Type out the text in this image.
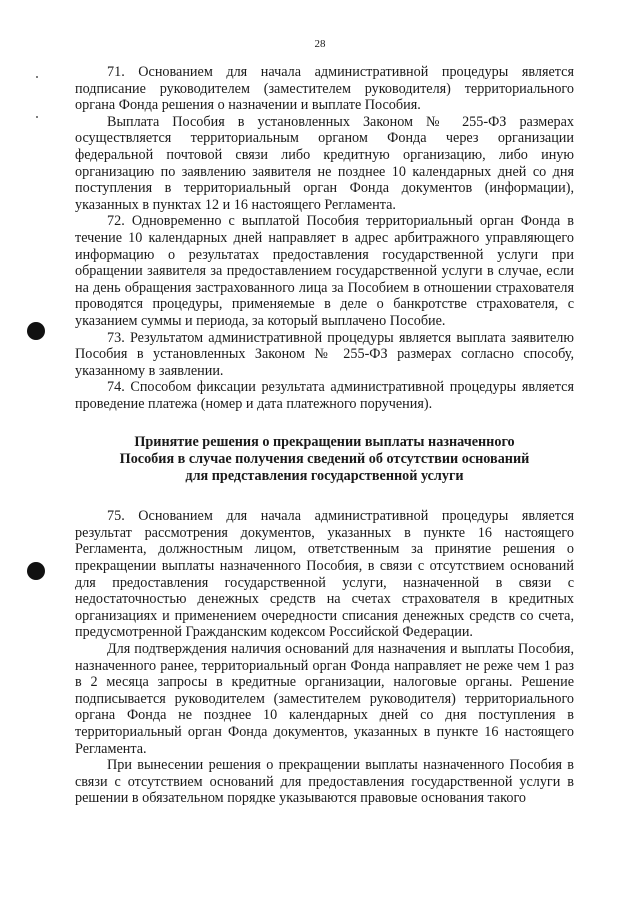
28

71. Основанием для начала административной процедуры является подписание руководителем (заместителем руководителя) территориального органа Фонда решения о назначении и выплате Пособия.

Выплата Пособия в установленных Законом № 255-ФЗ размерах осуществляется территориальным органом Фонда через организации федеральной почтовой связи либо кредитную организацию, либо иную организацию по заявлению заявителя не позднее 10 календарных дней со дня поступления в территориальный орган Фонда документов (информации), указанных в пунктах 12 и 16 настоящего Регламента.

72. Одновременно с выплатой Пособия территориальный орган Фонда в течение 10 календарных дней направляет в адрес арбитражного управляющего информацию о результатах предоставления государственной услуги при обращении заявителя за предоставлением государственной услуги в случае, если на день обращения застрахованного лица за Пособием в отношении страхователя проводятся процедуры, применяемые в деле о банкротстве страхователя, с указанием суммы и периода, за который выплачено Пособие.

73. Результатом административной процедуры является выплата заявителю Пособия в установленных Законом № 255-ФЗ размерах согласно способу, указанному в заявлении.

74. Способом фиксации результата административной процедуры является проведение платежа (номер и дата платежного поручения).

Принятие решения о прекращении выплаты назначенного
Пособия в случае получения сведений об отсутствии оснований
для представления государственной услуги

75. Основанием для начала административной процедуры является результат рассмотрения документов, указанных в пункте 16 настоящего Регламента, должностным лицом, ответственным за принятие решения о прекращении выплаты назначенного Пособия, в связи с отсутствием оснований для предоставления государственной услуги, назначенной в связи с недостаточностью денежных средств на счетах страхователя в кредитных организациях и применением очередности списания денежных средств со счета, предусмотренной Гражданским кодексом Российской Федерации.

Для подтверждения наличия оснований для назначения и выплаты Пособия, назначенного ранее, территориальный орган Фонда направляет не реже чем 1 раз в 2 месяца запросы в кредитные организации, налоговые органы. Решение подписывается руководителем (заместителем руководителя) территориального органа Фонда не позднее 10 календарных дней со дня поступления в территориальный орган Фонда документов, указанных в пункте 16 настоящего Регламента.

При вынесении решения о прекращении выплаты назначенного Пособия в связи с отсутствием оснований для предоставления государственной услуги в решении в обязательном порядке указываются правовые основания такого
